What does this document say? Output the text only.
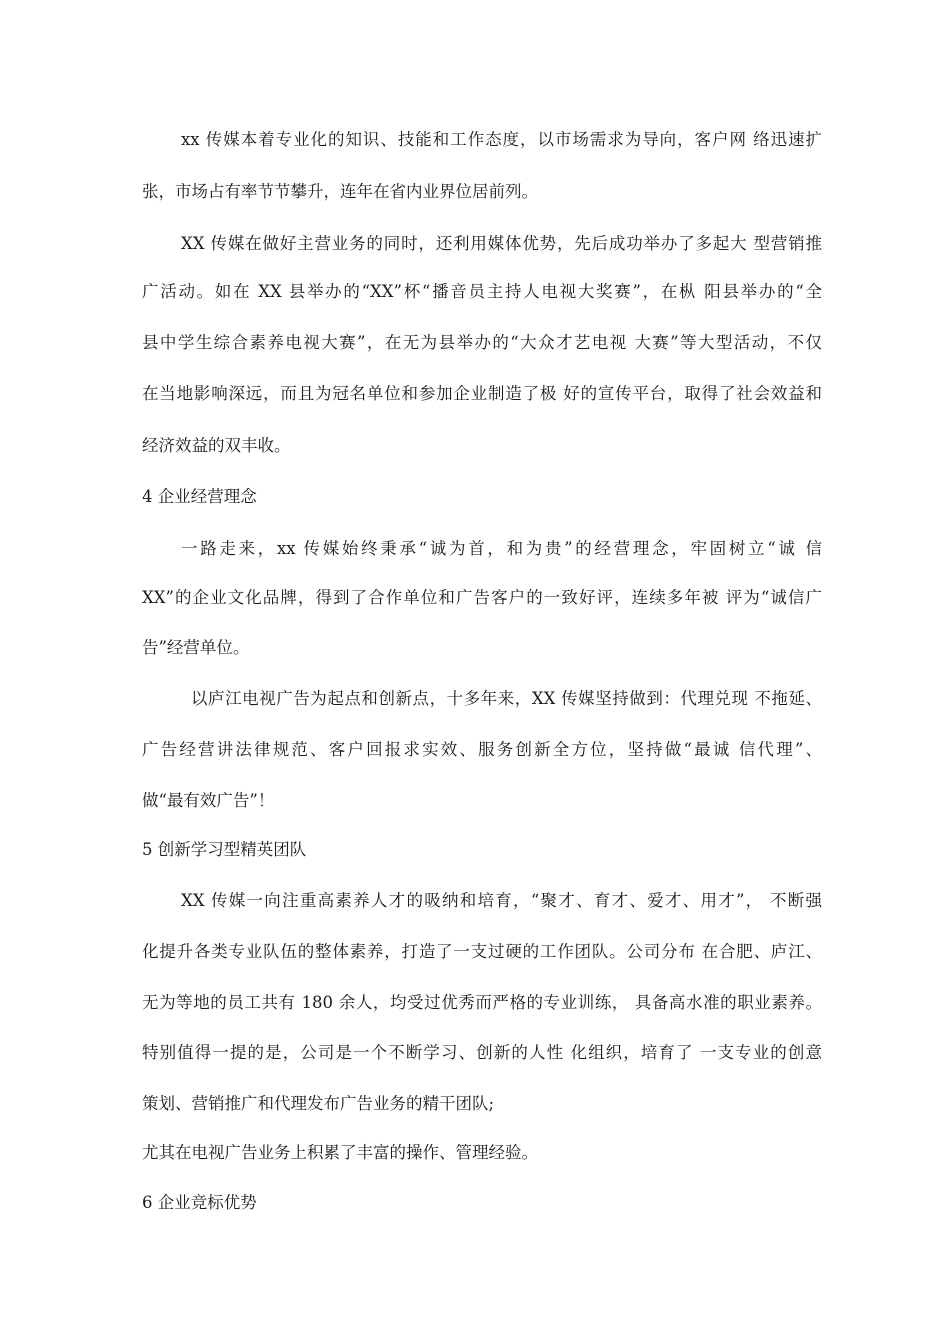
xx 传媒本着专业化的知识、技能和工作态度，以市场需求为导向，客户网 络迅速扩
张，市场占有率节节攀升，连年在省内业界位居前列。
XX 传媒在做好主营业务的同时，还利用媒体优势，先后成功举办了多起大 型营销推
广活动。如在 XX 县举办的“XX”杯“播音员主持人电视大奖赛”，在枞 阳县举办的“全
县中学生综合素养电视大赛”，在无为县举办的“大众才艺电视 大赛”等大型活动，不仅
在当地影响深远，而且为冠名单位和参加企业制造了极 好的宣传平台，取得了社会效益和
经济效益的双丰收。
4 企业经营理念
一路走来，xx 传媒始终秉承“诚为首，和为贵”的经营理念，牢固树立“诚 信
XX”的企业文化品牌，得到了合作单位和广告客户的一致好评，连续多年被 评为“诚信广
告”经营单位。
以庐江电视广告为起点和创新点，十多年来，XX 传媒坚持做到：代理兑现 不拖延、
广告经营讲法律规范、客户回报求实效、服务创新全方位，坚持做“最诚 信代理”、
做“最有效广告”！
5 创新学习型精英团队
XX 传媒一向注重高素养人才的吸纳和培育，“聚才、育才、爱才、用才”， 不断强
化提升各类专业队伍的整体素养，打造了一支过硬的工作团队。公司分布 在合肥、庐江、
无为等地的员工共有 180 余人，均受过优秀而严格的专业训练， 具备高水准的职业素养。
特别值得一提的是，公司是一个不断学习、创新的人性 化组织，培育了 一支专业的创意
策划、营销推广和代理发布广告业务的精干团队;
尤其在电视广告业务上积累了丰富的操作、管理经验。
6 企业竞标优势
